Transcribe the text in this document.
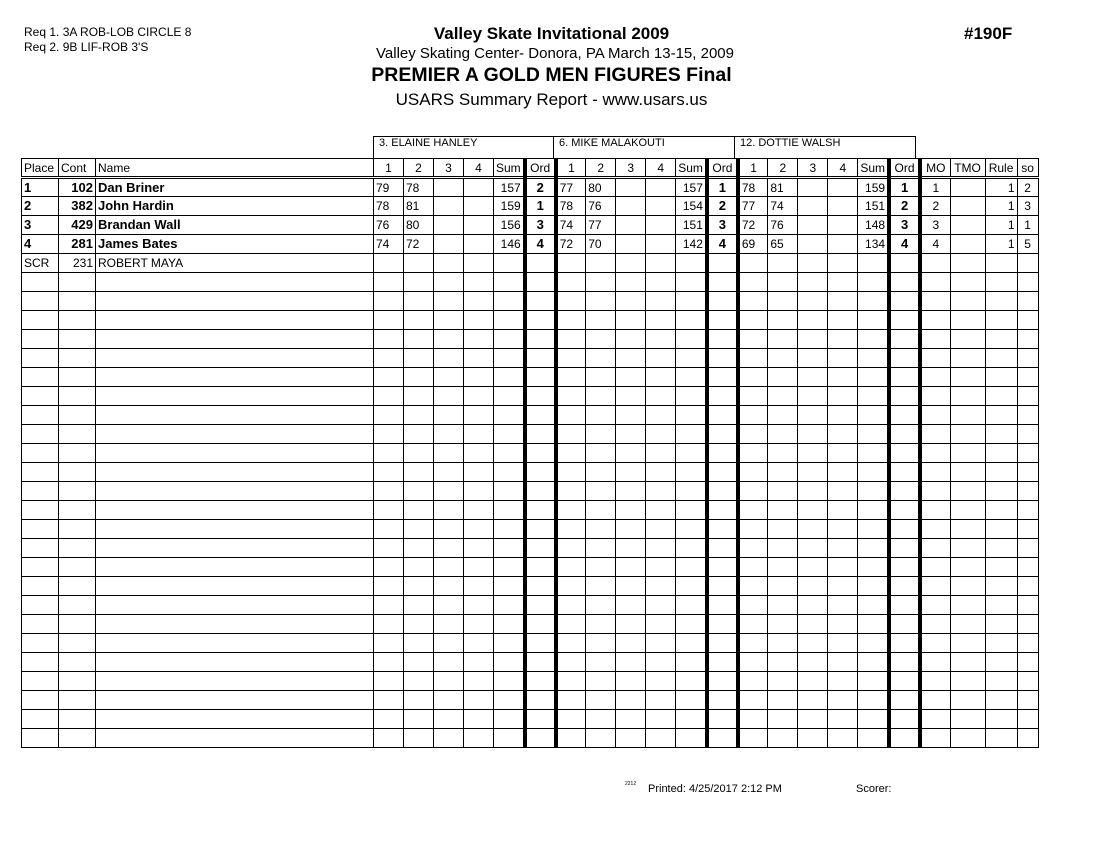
Req 1. 3A ROB-LOB CIRCLE 8
Req 2. 9B LIF-ROB 3'S
Valley Skate Invitational 2009
Valley Skating Center- Donora, PA March 13-15, 2009
PREMIER A GOLD MEN FIGURES Final
USARS Summary Report - www.usars.us
#190F
3. ELAINE HANLEY	6. MIKE MALAKOUTI	12. DOTTIE WALSH
Place	Cont	Name	1	2	3	4	Sum	Ord	1	2	3	4	Sum	Ord	1	2	3	4	Sum	Ord	MO	TMO	Rule	so
1	102	Dan Briner	79	78			157	2	77	80			157	1	78	81			159	1	1		1	2
2	382	John Hardin	78	81			159	1	78	76			154	2	77	74			151	2	2		1	3
3	429	Brandan Wall	76	80			156	3	74	77			151	3	72	76			148	3	3		1	1
4	281	James Bates	74	72			146	4	72	70			142	4	69	65			134	4	4		1	5
SCR	231	ROBERT MAYA																						

2212 Printed: 4/25/2017 2:12 PM	Scorer:
